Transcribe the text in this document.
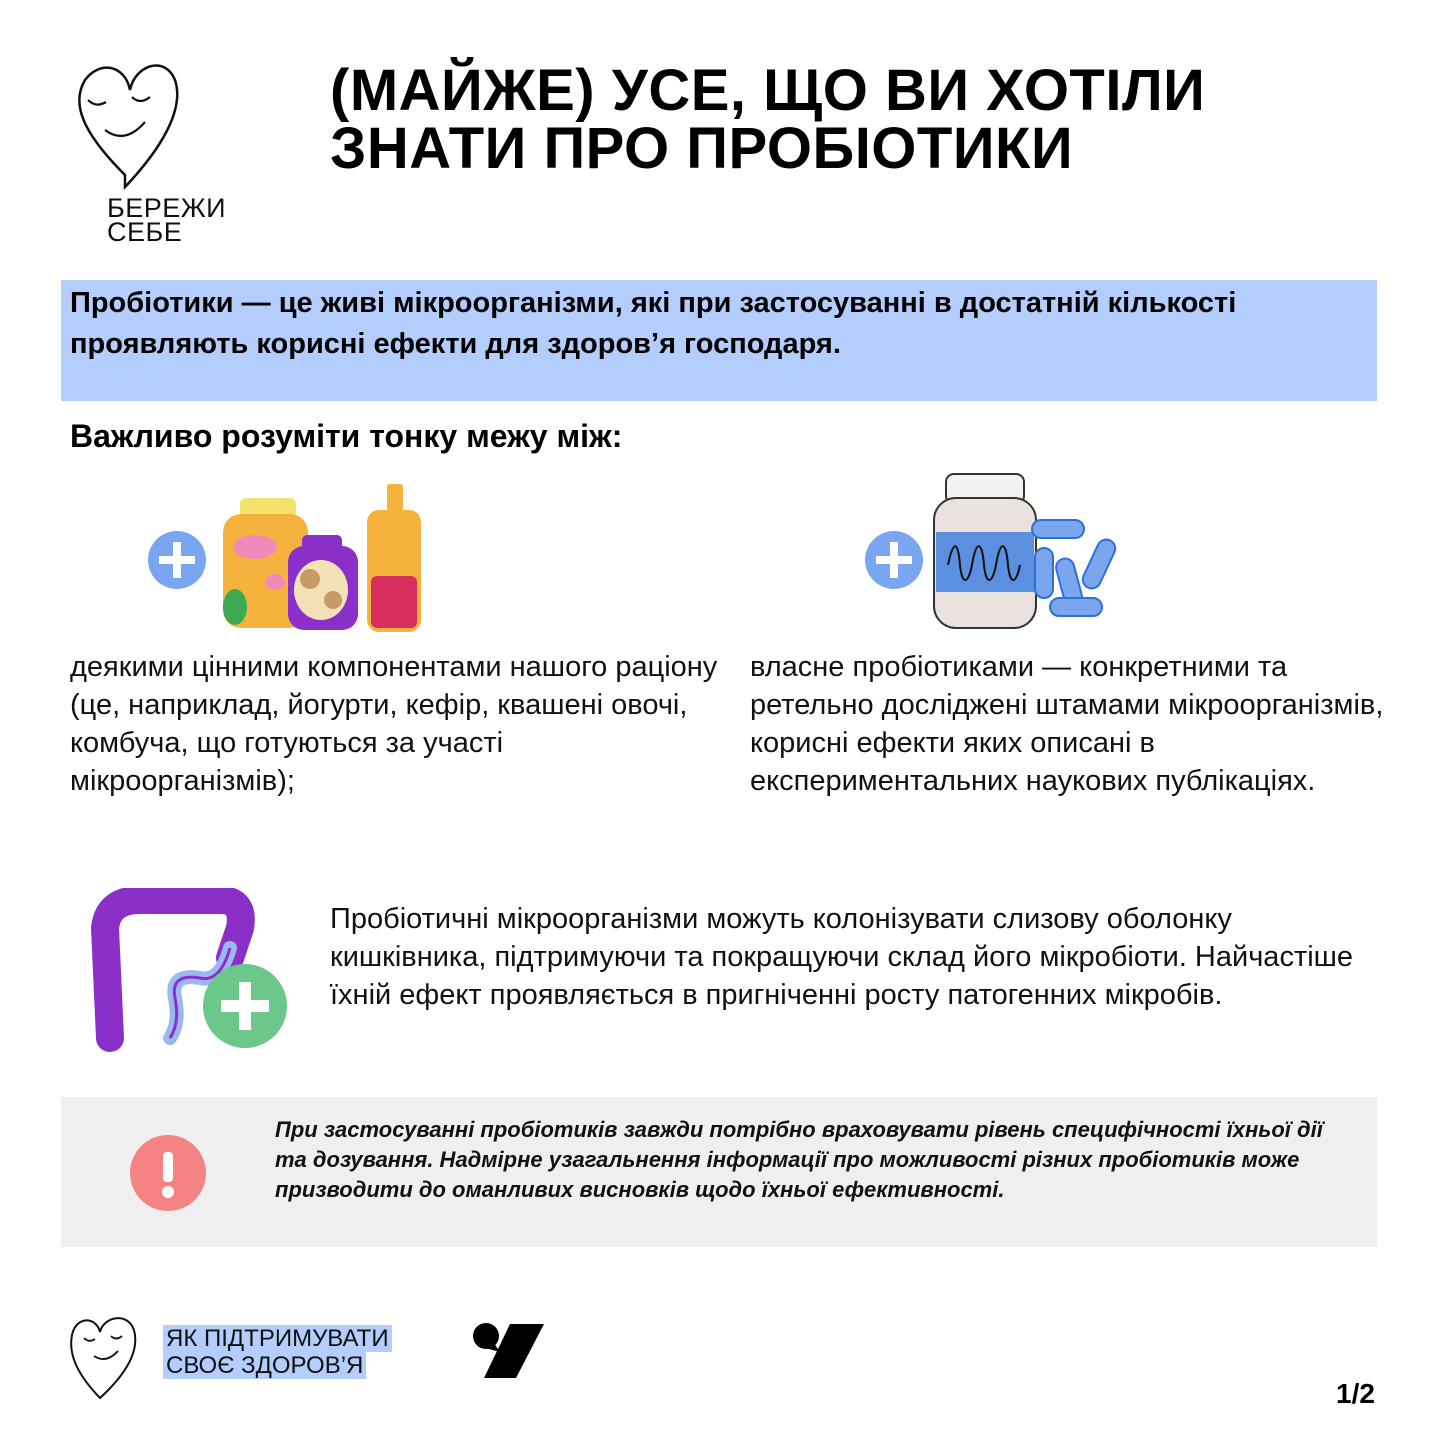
БЕРЕЖИ
СЕБЕ
(МАЙЖЕ) УСЕ, ЩО ВИ ХОТІЛИ ЗНАТИ ПРО ПРОБІОТИКИ
Пробіотики — це живі мікроорганізми, які при застосуванні в достатній кількості проявляють корисні ефекти для здоров’я господаря.
Важливо розуміти тонку межу між:
деякими цінними компонентами нашого раціону (це, наприклад, йогурти, кефір, квашені овочі, комбуча, що готуються за участі мікроорганізмів);
власне пробіотиками — конкретними та ретельно досліджені штамами мікроорганізмів, корисні ефекти яких описані в експериментальних наукових публікаціях.
Пробіотичні мікроорганізми можуть колонізувати слизову оболонку кишківника, підтримуючи та покращуючи склад його мікробіоти. Найчастіше їхній ефект проявляється в пригніченні росту патогенних мікробів.
При застосуванні пробіотиків завжди потрібно враховувати рівень специфічності їхньої дії та дозування. Надмірне узагальнення інформації про можливості різних пробіотиків може призводити до оманливих висновків щодо їхньої ефективності.
ЯК ПІДТРИМУВАТИ
СВОЄ ЗДОРОВ’Я
1/2
